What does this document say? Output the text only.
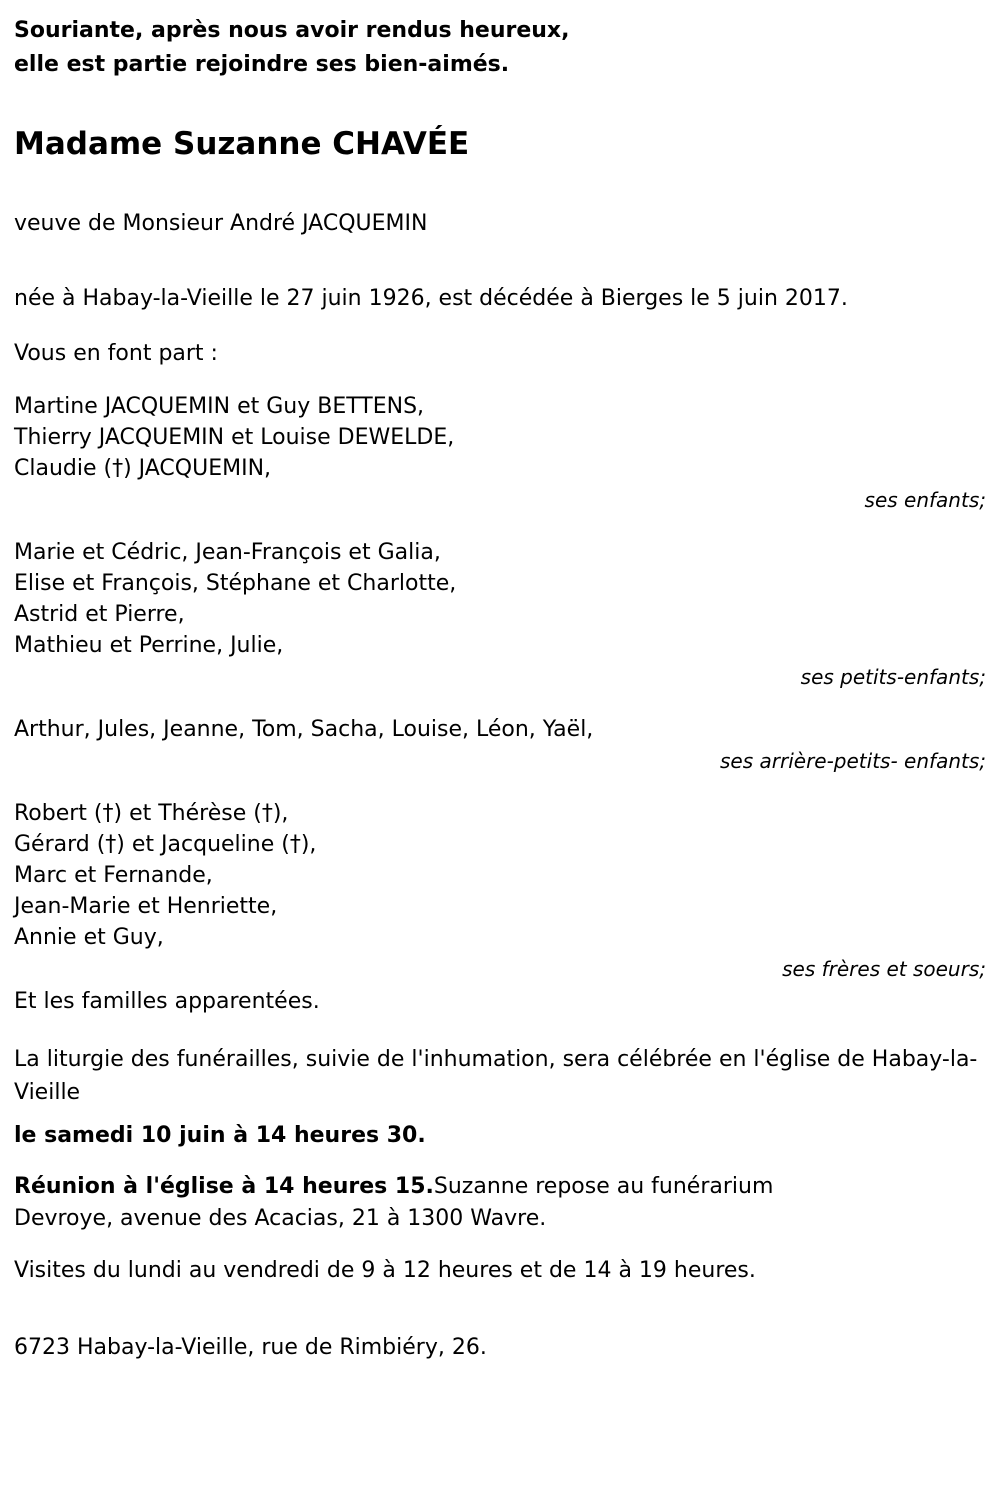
Souriante, après nous avoir rendus heureux,
elle est partie rejoindre ses bien-aimés.
Madame Suzanne CHAVÉE
veuve de Monsieur André JACQUEMIN
née à Habay-la-Vieille le 27 juin 1926, est décédée à Bierges le 5 juin 2017.
Vous en font part :
Martine JACQUEMIN et Guy BETTENS,
Thierry JACQUEMIN et Louise DEWELDE,
Claudie (†) JACQUEMIN,
ses enfants;
Marie et Cédric, Jean-François et Galia,
Elise et François, Stéphane et Charlotte,
Astrid et Pierre,
Mathieu et Perrine, Julie,
ses petits-enfants;
Arthur, Jules, Jeanne, Tom, Sacha, Louise, Léon, Yaël,
ses arrière-petits- enfants;
Robert (†) et Thérèse (†),
Gérard (†) et Jacqueline (†),
Marc et Fernande,
Jean-Marie et Henriette,
Annie et Guy,
ses frères et soeurs;
Et les familles apparentées.
La liturgie des funérailles, suivie de l'inhumation, sera célébrée en l'église de Habay-la-Vieille
le samedi 10 juin à 14 heures 30.
Réunion à l'église à 14 heures 15.Suzanne repose au funérarium
Devroye, avenue des Acacias, 21 à 1300 Wavre.
Visites du lundi au vendredi de 9 à 12 heures et de 14 à 19 heures.
6723 Habay-la-Vieille, rue de Rimbiéry, 26.
